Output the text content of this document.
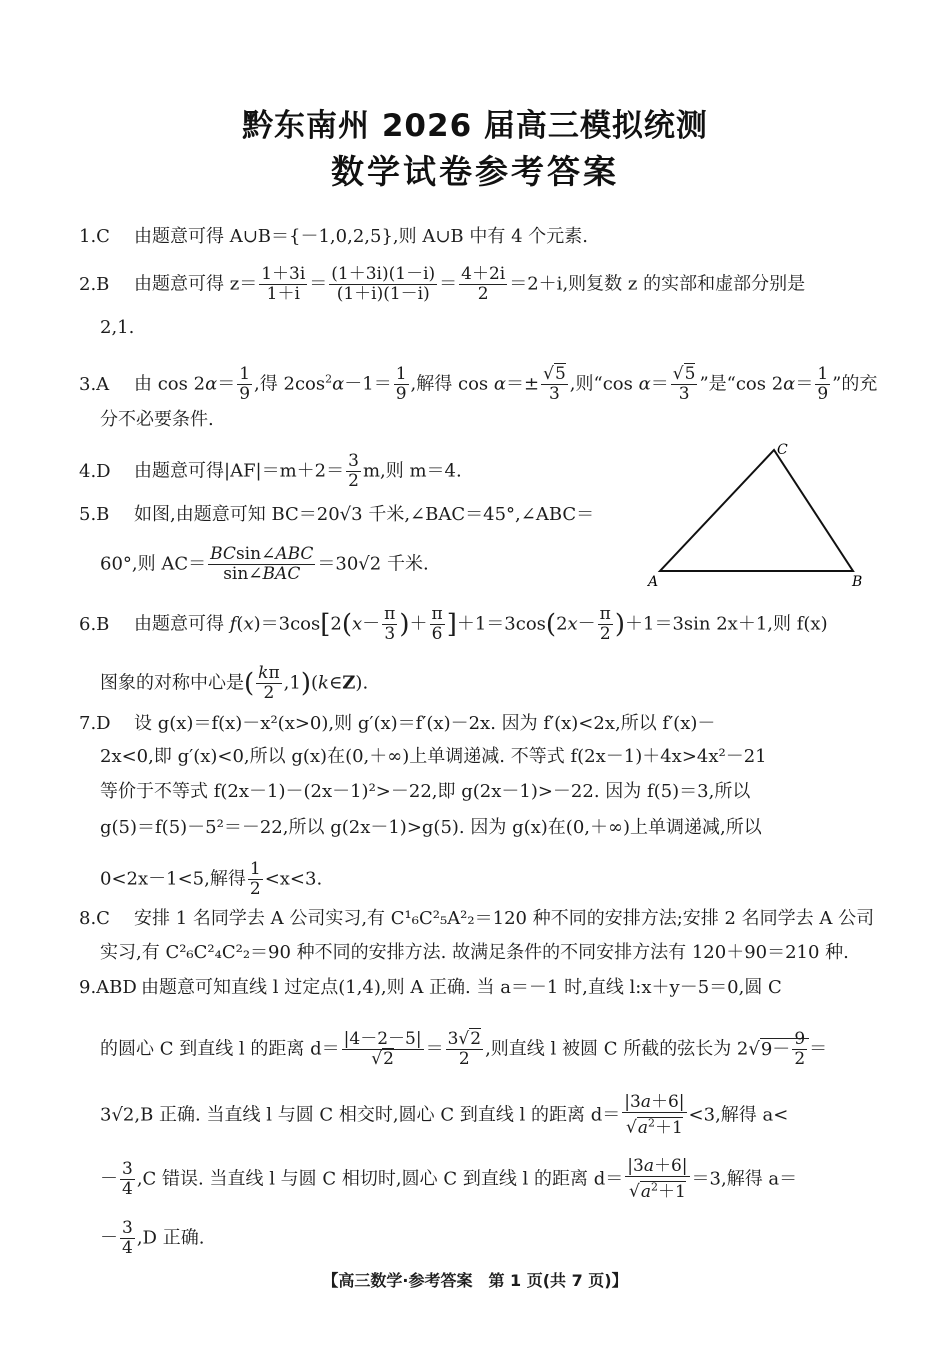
黔东南州 2026 届高三模拟统测
数学试卷参考答案
1.C 由题意可得 A∪B＝{－1,0,2,5},则 A∪B 中有 4 个元素.
2.B 由题意可得 $z= \frac{1+3i}{1+i} = \frac{(1+3i)(1-i)}{(1+i)(1-i)} = \frac{4+2i}{2} =2+i$,则复数 z 的实部和虚部分别是
2,1.
3.A 由 $\cos 2\alpha= \frac{1}{9}$ ,得 $2\cos^2\alpha-1= \frac{1}{9}$ ,解得 $\cos \alpha=\pm \frac{√5}{3}$ ,则“cos $\alpha= \frac{√5}{3}$ ”是“cos $2\alpha= \frac{1}{9}$ ”的充
分不必要条件.
4.D 由题意可得$|AF|=m+2= \frac{3}{2} m$,则 m＝4.
5.B 如图,由题意可知 BC＝20√3 千米,∠BAC＝45°,∠ABC＝
60°,则 AC＝ BCsin∠ABC
sin∠BAC ＝30√2 千米.
A	B
C
6.B 由题意可得 $f(x)=3\cos[2(x- \frac{\pi}{3}$ )＋ $\frac{\pi}{6} ]+1=3\cos(2x- \frac{\pi}{2} )+1=3\sin$ 2x＋1,则 f(x)
图象的对称中心是( $\frac{k\pi}{2}$ ,1)(k∈Z).
7.D 设 g(x)＝f(x)－x²(x>0),则 g′(x)＝f′(x)－2x. 因为 f′(x)<2x,所以 f′(x)－
2x<0,即 g′(x)<0,所以 g(x)在(0,＋∞)上单调递减. 不等式 f(2x－1)＋4x>4x²－21
等价于不等式 f(2x－1)－(2x－1)²>－22,即 g(2x－1)>－22. 因为 f(5)＝3,所以
g(5)＝f(5)－5²＝－22,所以 g(2x－1)>g(5). 因为 g(x)在(0,＋∞)上单调递减,所以
0<2x－1<5,解得 $\frac{1}{2} <x<3$.
8.C 安排 1 名同学去 A 公司实习,有 C¹₆C²₅A²₂＝120 种不同的安排方法;安排 2 名同学去 A 公司
实习,有 C²₆C²₄C²₂＝90 种不同的安排方法. 故满足条件的不同安排方法有 120＋90＝210 种.
9.ABD 由题意可知直线 l 过定点(1,4),则 A 正确. 当 a＝－1 时,直线 l:x＋y－5＝0,圆 C
的圆心 C 到直线 l 的距离 $d= \frac{|4-2-5|}{√2} = \frac{3√2}{2}$ ,则直线 l 被圆 C 所截的弦长为 $2√9- \frac{9}{2}$ ＝
3√2,B 正确. 当直线 l 与圆 C 相交时,圆心 C 到直线 l 的距离 $d= \frac{|3a+6|}{√a^2+1} <3$,解得 a<
－ $\frac{3}{4} ,C$ 错误. 当直线 l 与圆 C 相切时,圆心 C 到直线 l 的距离 $d= \frac{|3a+6|}{√a^2+1} =3$,解得 a＝
－ $\frac{3}{4} ,D$ 正确.
【高三数学·参考答案　第 1 页(共 7 页)】
